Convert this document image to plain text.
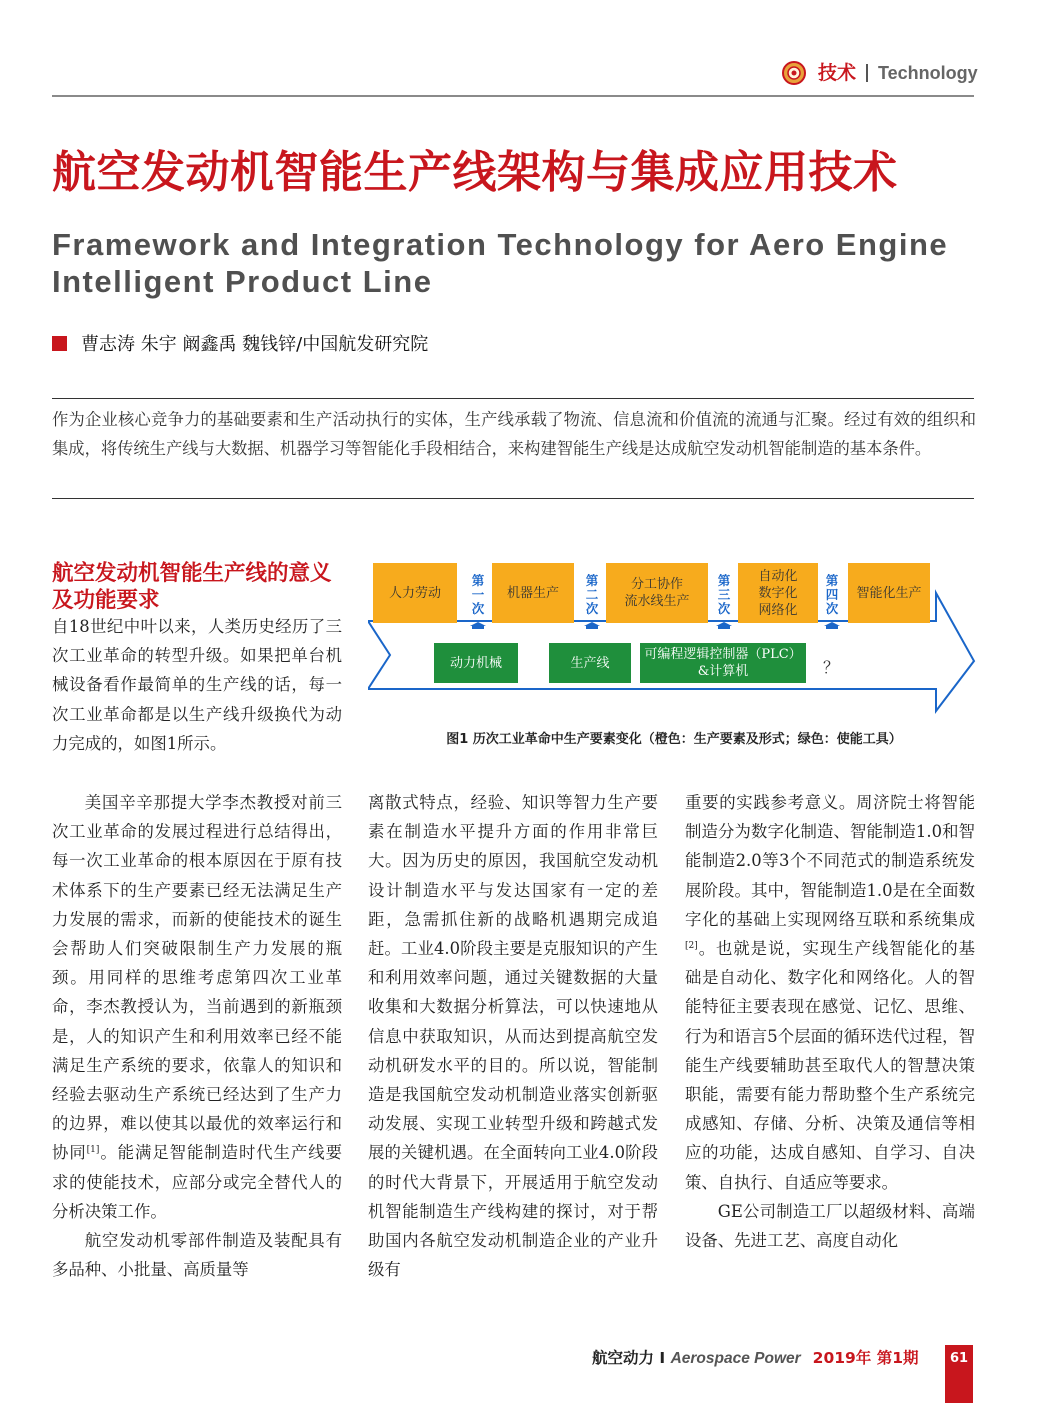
技术 Technology
航空发动机智能生产线架构与集成应用技术
Framework and Integration Technology for Aero Engine Intelligent Product Line
曹志涛 朱宇 阚鑫禹 魏钱锌/中国航发研究院
作为企业核心竞争力的基础要素和生产活动执行的实体，生产线承载了物流、信息流和价值流的流通与汇聚。经过有效的组织和集成，将传统生产线与大数据、机器学习等智能化手段相结合，来构建智能生产线是达成航空发动机智能制造的基本条件。
航空发动机智能生产线的意义及功能要求

自18世纪中叶以来，人类历史经历了三次工业革命的转型升级。如果把单台机械设备看作最简单的生产线的话，每一次工业革命都是以生产线升级换代为动力完成的，如图1所示。

人力劳动	机器生产
分工协作
流水线生产
自动化
数字化
网络化
智能化生产
第一次
第二次
第三次
第四次
动力机械	生产线
可编程逻辑控制器（PLC）
&计算机	？
图1 历次工业革命中生产要素变化（橙色：生产要素及形式；绿色：使能工具）

美国辛辛那提大学李杰教授对前三次工业革命的发展过程进行总结得出，每一次工业革命的根本原因在于原有技术体系下的生产要素已经无法满足生产力发展的需求，而新的使能技术的诞生会帮助人们突破限制生产力发展的瓶颈。用同样的思维考虑第四次工业革命，李杰教授认为，当前遇到的新瓶颈是，人的知识产生和利用效率已经不能满足生产系统的要求，依靠人的知识和经验去驱动生产系统已经达到了生产力的边界，难以使其以最优的效率运行和协同[1]。能满足智能制造时代生产线要求的使能技术，应部分或完全替代人的分析决策工作。

航空发动机零部件制造及装配具有多品种、小批量、高质量等

离散式特点，经验、知识等智力生产要素在制造水平提升方面的作用非常巨大。因为历史的原因，我国航空发动机设计制造水平与发达国家有一定的差距，急需抓住新的战略机遇期完成追赶。工业4.0阶段主要是克服知识的产生和利用效率问题，通过关键数据的大量收集和大数据分析算法，可以快速地从信息中获取知识，从而达到提高航空发动机研发水平的目的。所以说，智能制造是我国航空发动机制造业落实创新驱动发展、实现工业转型升级和跨越式发展的关键机遇。在全面转向工业4.0阶段的时代大背景下，开展适用于航空发动机智能制造生产线构建的探讨，对于帮助国内各航空发动机制造企业的产业升级有

重要的实践参考意义。周济院士将智能制造分为数字化制造、智能制造1.0和智能制造2.0等3个不同范式的制造系统发展阶段。其中，智能制造1.0是在全面数字化的基础上实现网络互联和系统集成[2]。也就是说，实现生产线智能化的基础是自动化、数字化和网络化。人的智能特征主要表现在感觉、记忆、思维、行为和语言5个层面的循环迭代过程，智能生产线要辅助甚至取代人的智慧决策职能，需要有能力帮助整个生产系统完成感知、存储、分析、决策及通信等相应的功能，达成自感知、自学习、自决策、自执行、自适应等要求。

GE公司制造工厂以超级材料、高端设备、先进工艺、高度自动化

航空动力 I Aerospace Power 2019年 第1期	61
